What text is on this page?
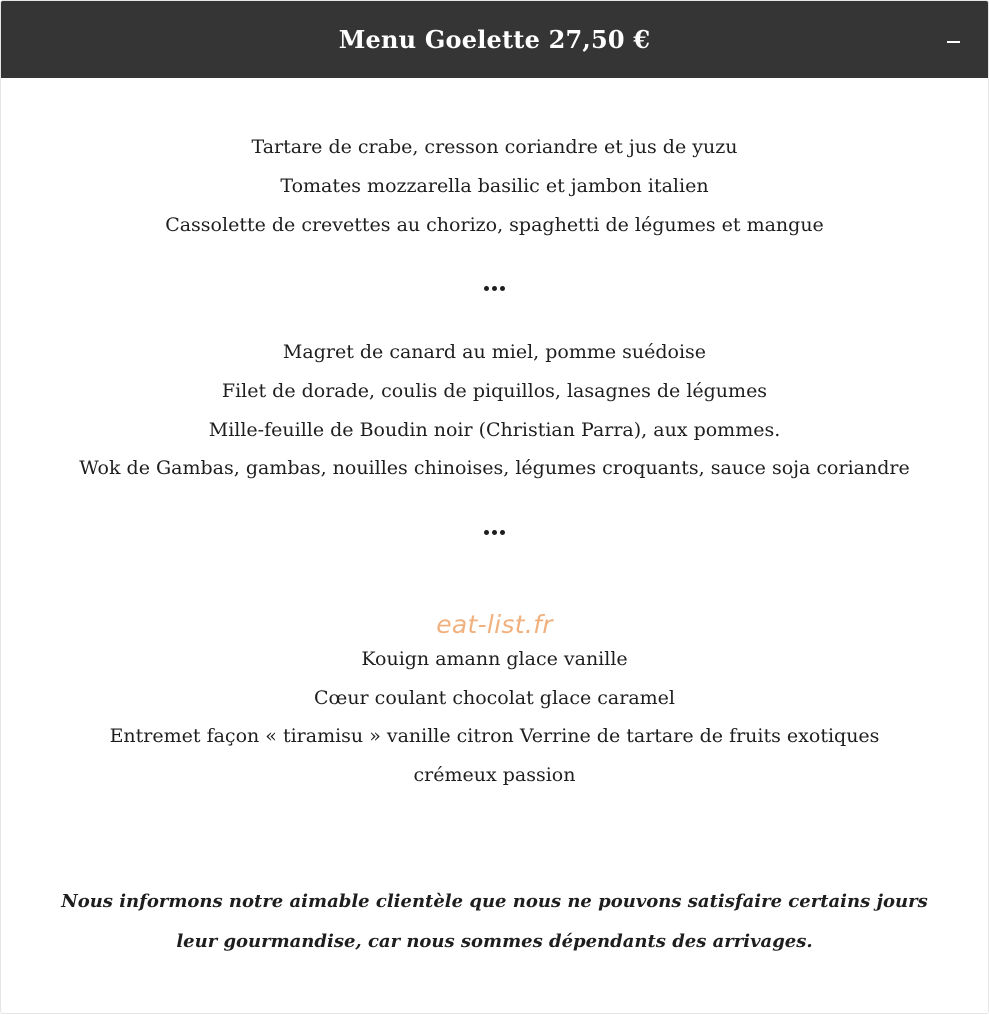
Menu Goelette 27,50 €
Tartare de crabe, cresson coriandre et jus de yuzu
Tomates mozzarella basilic et jambon italien
Cassolette de crevettes au chorizo, spaghetti de légumes et mangue
Magret de canard au miel, pomme suédoise
Filet de dorade, coulis de piquillos, lasagnes de légumes
Mille-feuille de Boudin noir (Christian Parra), aux pommes.
Wok de Gambas, gambas, nouilles chinoises, légumes croquants, sauce soja coriandre
eat-list.fr
Kouign amann glace vanille
Cœur coulant chocolat glace caramel
Entremet façon « tiramisu » vanille citron Verrine de tartare de fruits exotiques
crémeux passion
Nous informons notre aimable clientèle que nous ne pouvons satisfaire certains jours
leur gourmandise, car nous sommes dépendants des arrivages.
